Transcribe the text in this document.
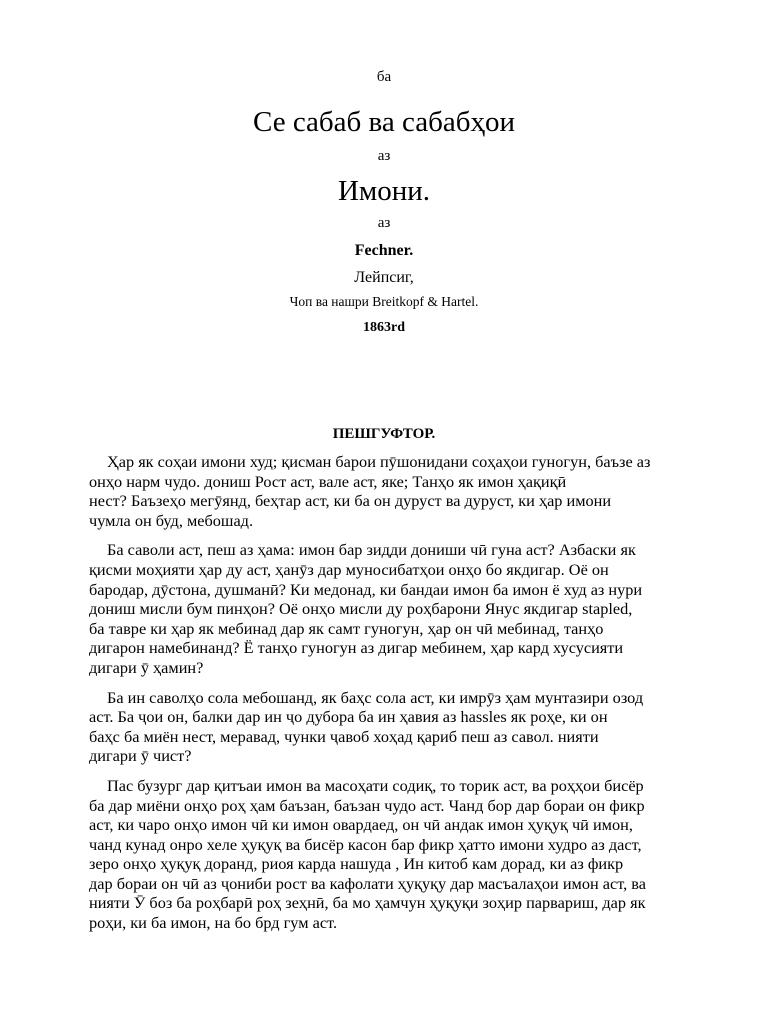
ба
Се сабаб ва сабабҳои
аз
Имони.
аз
Fechner.
Лейпсиг,
Чоп ва нашри Breitkopf & Hartel.
1863rd
ПЕШГУФТОР.

Ҳар як соҳаи имони худ; қисман барои пӯшонидани соҳаҳои гуногун, баъзе аз
онҳо нарм чудо. дониш Рост аст, вале аст, яке; Танҳо як имон ҳақиқӣ
нест? Баъзеҳо мегӯянд, беҳтар аст, ки ба он дуруст ва дуруст, ки ҳар имони
чумла он буд, мебошад.

Ба саволи аст, пеш аз ҳама: имон бар зидди дониши чӣ гуна аст? Азбаски як
қисми моҳияти ҳар ду аст, ҳанӯз дар муносибатҳои онҳо бо якдигар. Оё он
бародар, дӯстона, душманӣ? Ки медонад, ки бандаи имон ба имон ё худ аз нури
дониш мисли бум пинҳон? Оё онҳо мисли ду роҳбарони Янус якдигар stapled,
ба тавре ки ҳар як мебинад дар як самт гуногун, ҳар он чӣ мебинад, танҳо
дигарон намебинанд? Ё танҳо гуногун аз дигар мебинем, ҳар кард хусусияти
дигари ӯ ҳамин?

Ба ин саволҳо сола мебошанд, як баҳс сола аст, ки имрӯз ҳам мунтазири озод
аст. Ба ҷои он, балки дар ин ҷо дубора ба ин ҳавия аз hassles як роҳе, ки он
баҳс ба миён нест, меравад, чунки ҷавоб хоҳад қариб пеш аз савол. нияти
дигари ӯ чист?

Пас бузург дар қитъаи имон ва масоҳати содиқ, то торик аст, ва роҳҳои бисёр
ба дар миёни онҳо роҳ ҳам баъзан, баъзан чудо аст. Чанд бор дар бораи он фикр
аст, ки чаро онҳо имон чӣ ки имон овардаед, он чӣ андак имон ҳуқуқ чӣ имон,
чанд кунад онро хеле ҳуқуқ ва бисёр касон бар фикр ҳатто имони худро аз даст,
зеро онҳо ҳуқуқ доранд, риоя карда нашуда , Ин китоб кам дорад, ки аз фикр
дар бораи он чӣ аз ҷониби рост ва кафолати ҳуқуқу дар масъалаҳои имон аст, ва
нияти Ӯ боз ба роҳбарӣ роҳ зеҳнӣ, ба мо ҳамчун ҳуқуқи зоҳир парвариш, дар як
роҳи, ки ба имон, на бо брд гум аст.
